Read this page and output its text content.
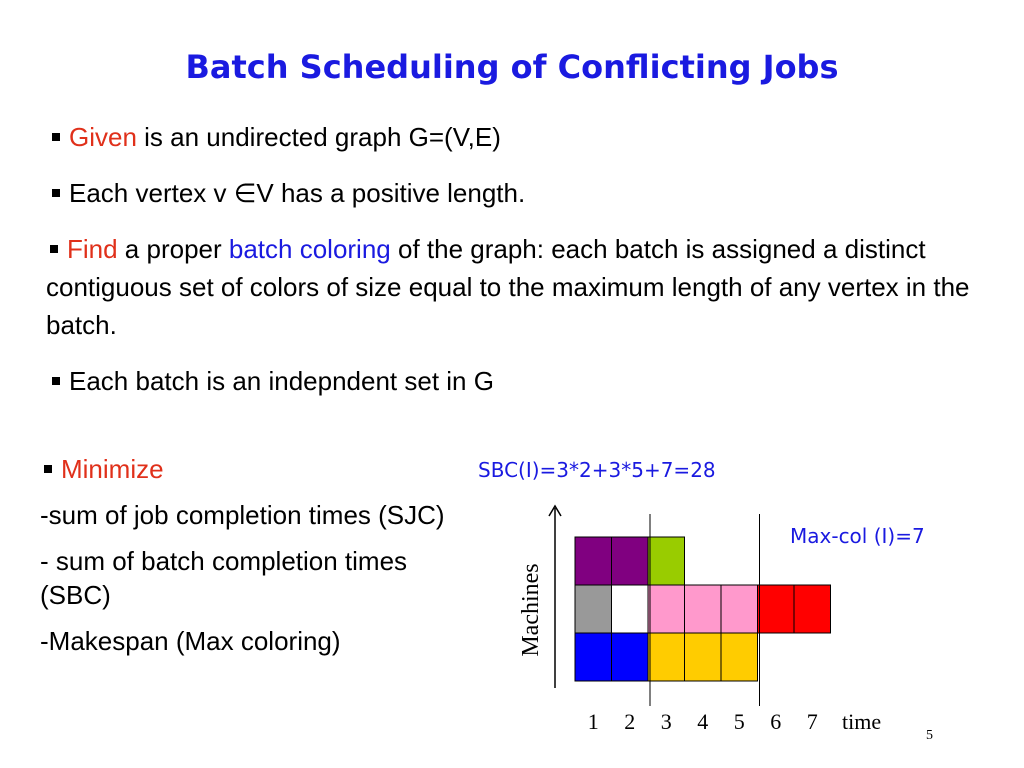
Batch Scheduling of Conflicting Jobs
Given is an undirected graph G=(V,E)
Each vertex v ∈V has a positive length.
Find a proper batch coloring of the graph: each batch is assigned a distinct contiguous set of colors of size equal to the maximum length of any vertex in the batch.
Each batch is an indepndent set in G
Minimize
-sum of job completion times (SJC)
- sum of batch completion times (SBC)
-Makespan (Max coloring)
SBC(I)=3*2+3*5+7=28
Max-col (I)=7
Machines
1 2 3 4 5 6 7 time
5
